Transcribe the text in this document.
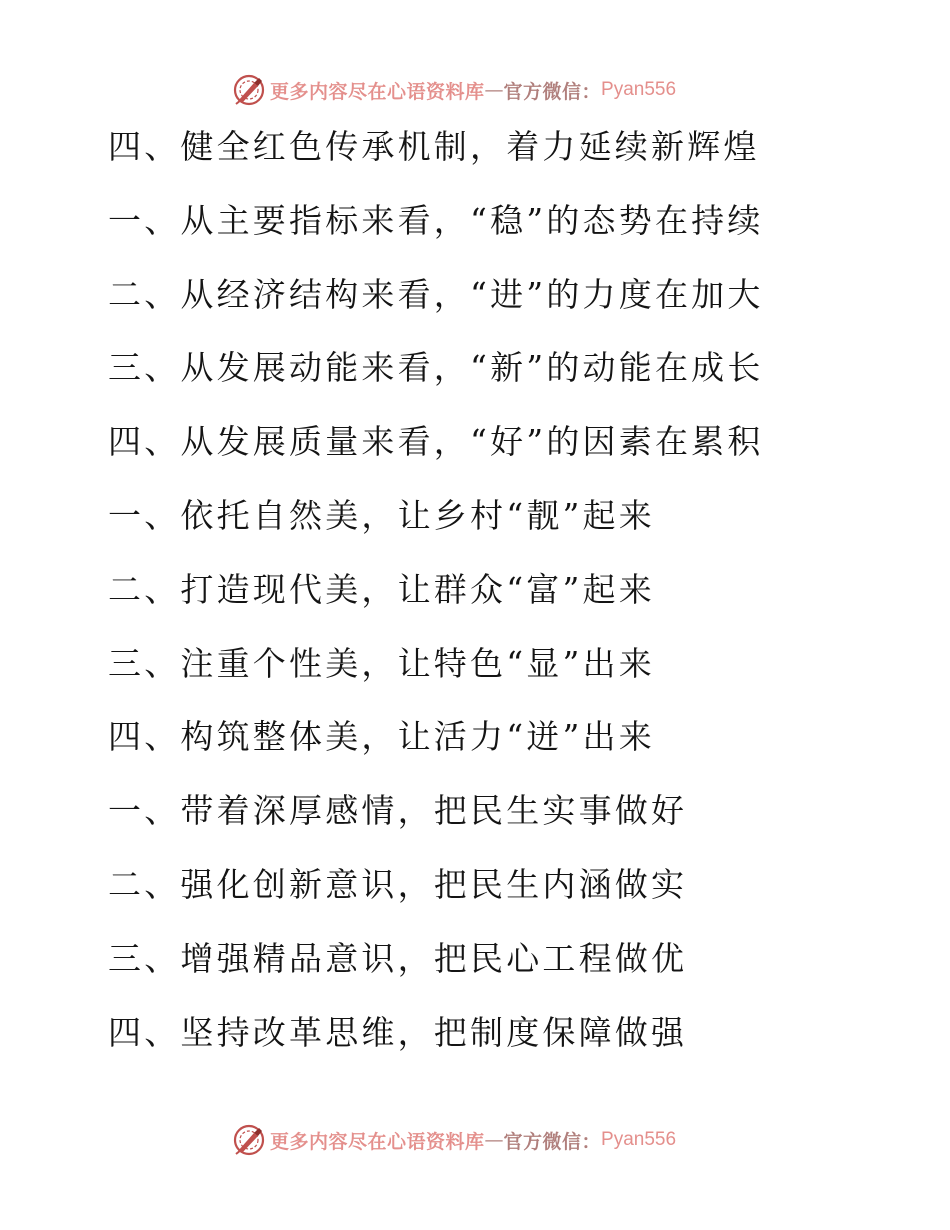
更多内容尽在心语资料库 — 官方微信： Pyan556
四、健全红色传承机制，着力延续新辉煌
一、从主要指标来看，“稳”的态势在持续
二、从经济结构来看，“进”的力度在加大
三、从发展动能来看，“新”的动能在成长
四、从发展质量来看，“好”的因素在累积
一、依托自然美，让乡村“靓”起来
二、打造现代美，让群众“富”起来
三、注重个性美，让特色“显”出来
四、构筑整体美，让活力“迸”出来
一、带着深厚感情，把民生实事做好
二、强化创新意识，把民生内涵做实
三、增强精品意识，把民心工程做优
四、坚持改革思维，把制度保障做强
更多内容尽在心语资料库 — 官方微信： Pyan556
